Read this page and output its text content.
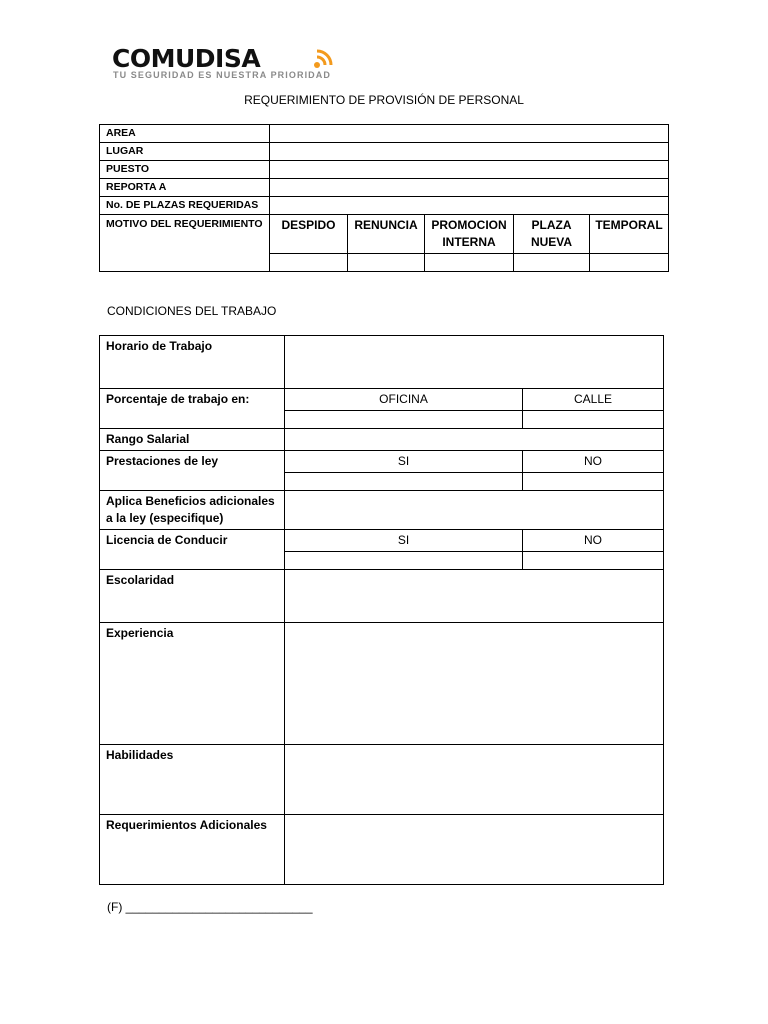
COMUDISA
TU SEGURIDAD ES NUESTRA PRIORIDAD
REQUERIMIENTO DE PROVISIÓN DE PERSONAL
AREA					
LUGAR					
PUESTO					
REPORTA A					
No. DE PLAZAS REQUERIDAS					
MOTIVO DEL REQUERIMIENTO	DESPIDO	RENUNCIA	PROMOCION INTERNA	PLAZA NUEVA	TEMPORAL

CONDICIONES DEL TRABAJO
Horario de Trabajo		
Porcentaje de trabajo en:	OFICINA	CALLE

Rango Salarial		
Prestaciones de ley	SI	NO

Aplica Beneficios adicionales a la ley (especifique)		
Licencia de Conducir	SI	NO

Escolaridad		
Experiencia		
Habilidades		
Requerimientos Adicionales		
(F) ____________________________
